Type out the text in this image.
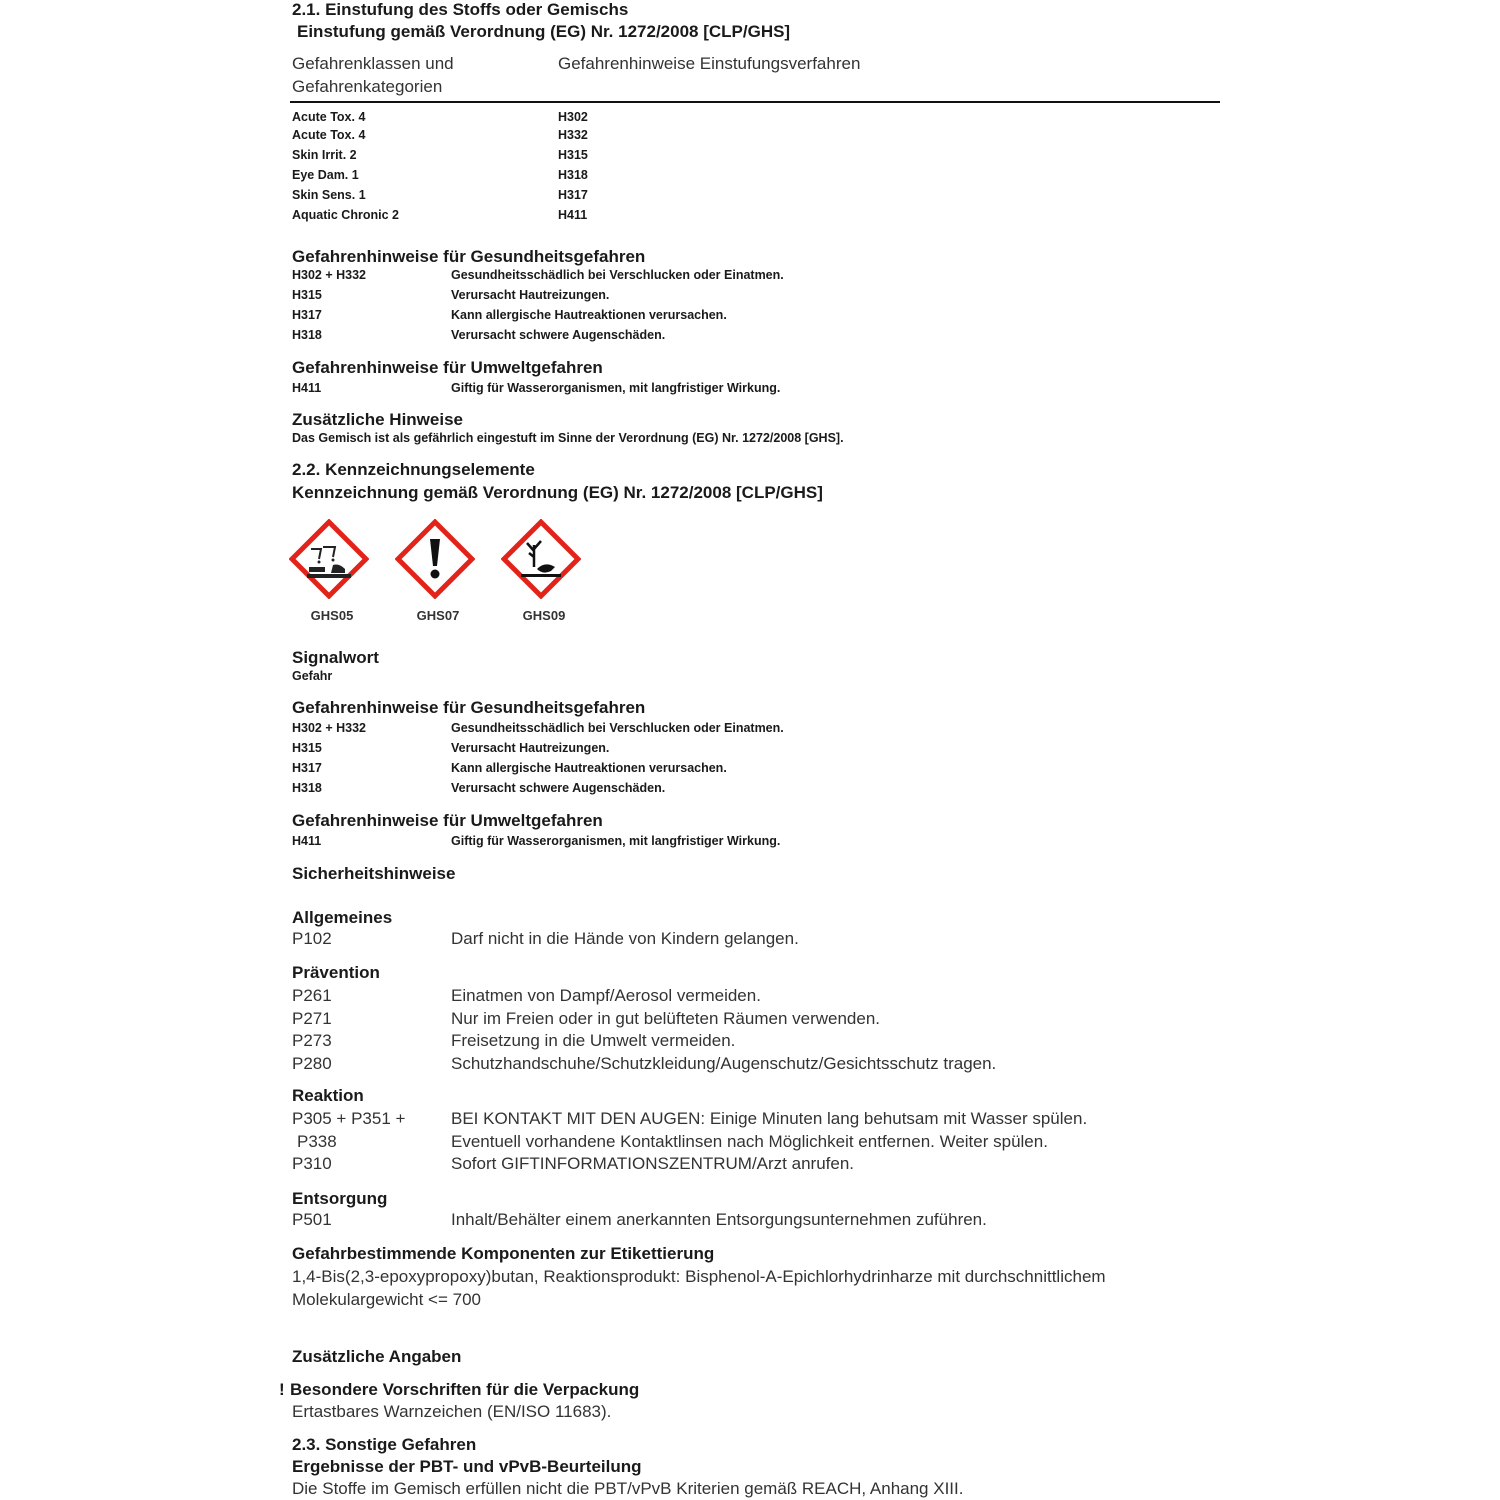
2.1. Einstufung des Stoffs oder Gemischs
Einstufung gemäß Verordnung (EG) Nr. 1272/2008 [CLP/GHS]
Gefahrenklassen und
Gefahrenkategorien
Gefahrenhinweise Einstufungsverfahren
Acute Tox. 4	H302
Acute Tox. 4	H332
Skin Irrit. 2	H315
Eye Dam. 1	H318
Skin Sens. 1	H317
Aquatic Chronic 2	H411
Gefahrenhinweise für Gesundheitsgefahren
H302 + H332	Gesundheitsschädlich bei Verschlucken oder Einatmen.
H315	Verursacht Hautreizungen.
H317	Kann allergische Hautreaktionen verursachen.
H318	Verursacht schwere Augenschäden.
Gefahrenhinweise für Umweltgefahren
H411	Giftig für Wasserorganismen, mit langfristiger Wirkung.
Zusätzliche Hinweise
Das Gemisch ist als gefährlich eingestuft im Sinne der Verordnung (EG) Nr. 1272/2008 [GHS].
2.2. Kennzeichnungselemente
Kennzeichnung gemäß Verordnung (EG) Nr. 1272/2008 [CLP/GHS]
GHS05	GHS07	GHS09
Signalwort
Gefahr
Gefahrenhinweise für Gesundheitsgefahren
H302 + H332	Gesundheitsschädlich bei Verschlucken oder Einatmen.
H315	Verursacht Hautreizungen.
H317	Kann allergische Hautreaktionen verursachen.
H318	Verursacht schwere Augenschäden.
Gefahrenhinweise für Umweltgefahren
H411	Giftig für Wasserorganismen, mit langfristiger Wirkung.
Sicherheitshinweise
Allgemeines
P102	Darf nicht in die Hände von Kindern gelangen.
Prävention
P261	Einatmen von Dampf/Aerosol vermeiden.
P271	Nur im Freien oder in gut belüfteten Räumen verwenden.
P273	Freisetzung in die Umwelt vermeiden.
P280	Schutzhandschuhe/Schutzkleidung/Augenschutz/Gesichtsschutz tragen.
Reaktion
P305 + P351 +	BEI KONTAKT MIT DEN AUGEN: Einige Minuten lang behutsam mit Wasser spülen.
P338	Eventuell vorhandene Kontaktlinsen nach Möglichkeit entfernen. Weiter spülen.
P310	Sofort GIFTINFORMATIONSZENTRUM/Arzt anrufen.
Entsorgung
P501	Inhalt/Behälter einem anerkannten Entsorgungsunternehmen zuführen.
Gefahrbestimmende Komponenten zur Etikettierung
1,4-Bis(2,3-epoxypropoxy)butan, Reaktionsprodukt: Bisphenol-A-Epichlorhydrinharze mit durchschnittlichem
Molekulargewicht <= 700
Zusätzliche Angaben
! Besondere Vorschriften für die Verpackung
Ertastbares Warnzeichen (EN/ISO 11683).
2.3. Sonstige Gefahren
Ergebnisse der PBT- und vPvB-Beurteilung
Die Stoffe im Gemisch erfüllen nicht die PBT/vPvB Kriterien gemäß REACH, Anhang XIII.
